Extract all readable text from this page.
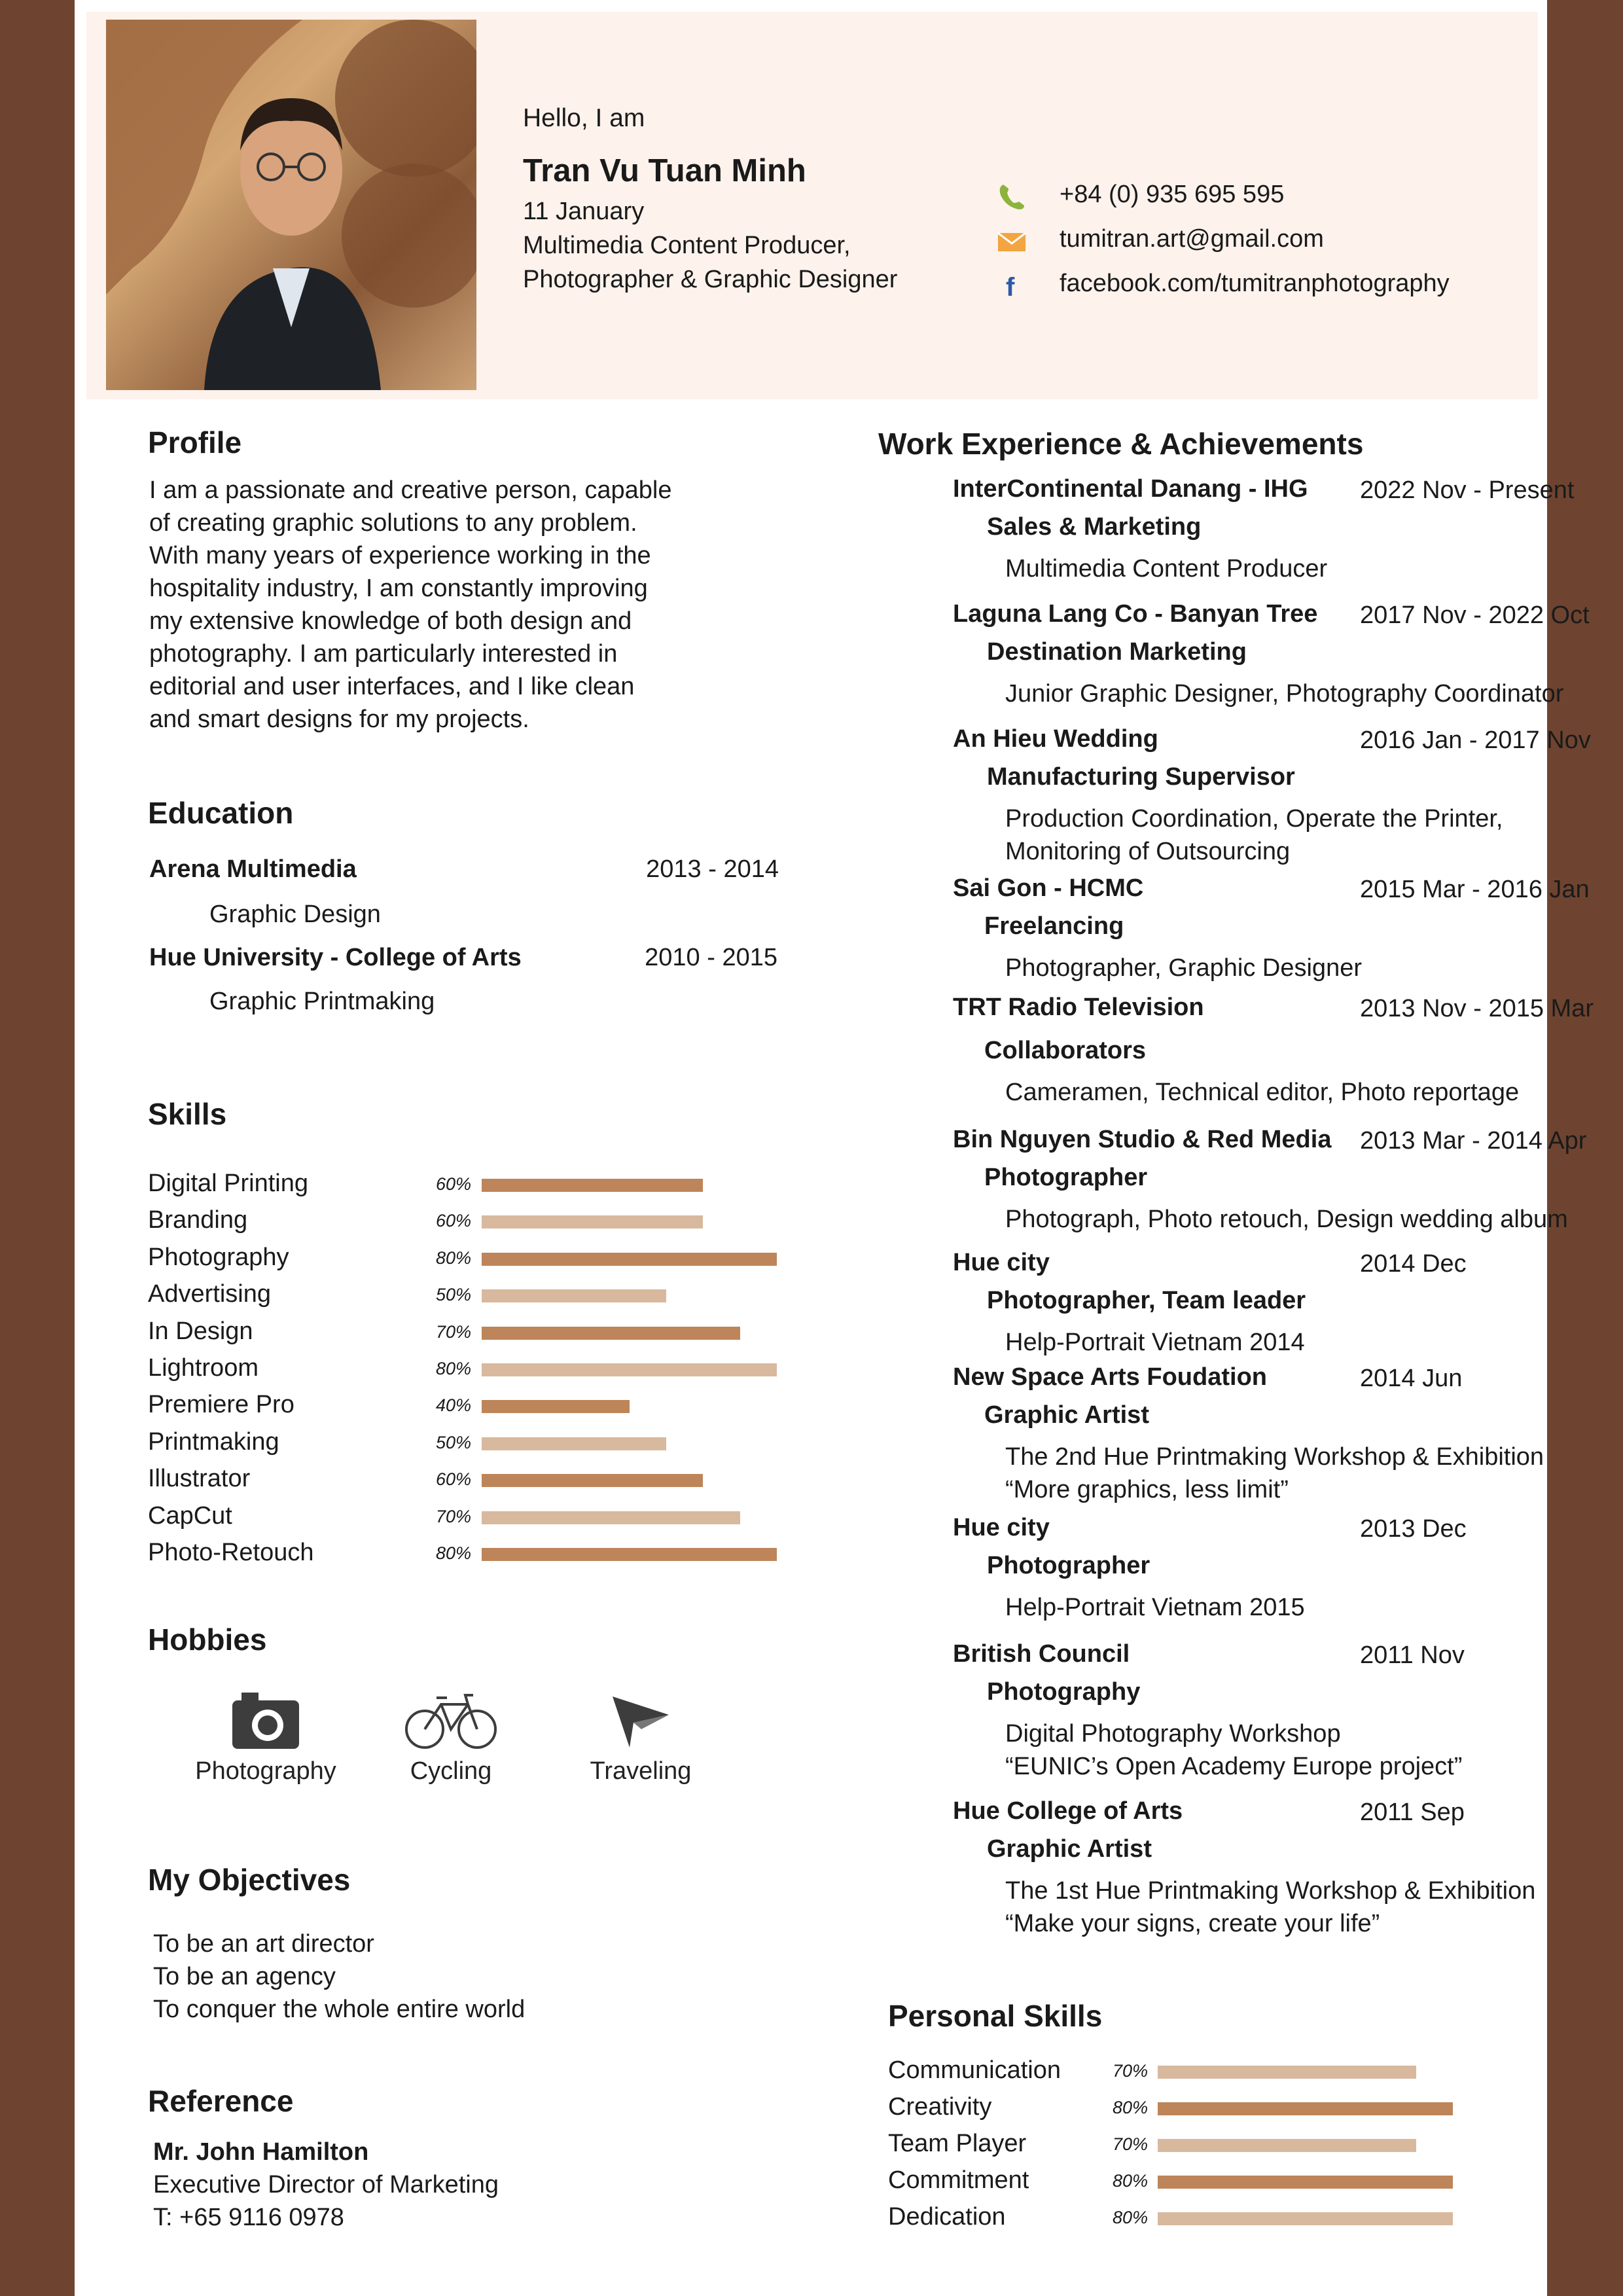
Hello, I am
Tran Vu Tuan Minh
11 January
Multimedia Content Producer,
Photographer & Graphic Designer
+84 (0) 935 695 595
tumitran.art@gmail.com
f facebook.com/tumitranphotography
Profile
I am a passionate and creative person, capable
of creating graphic solutions to any problem.
With many years of experience working in the
hospitality industry, I am constantly improving
my extensive knowledge of both design and
photography. I am particularly interested in
editorial and user interfaces, and I like clean
and smart designs for my projects.
Education
Arena Multimedia	2013 - 2014
Graphic Design
Hue University - College of Arts	2010 - 2015
Graphic Printmaking
Skills
Digital Printing	60%
Branding	60%
Photography	80%
Advertising	50%
In Design	70%
Lightroom	80%
Premiere Pro	40%
Printmaking	50%
Illustrator	60%
CapCut	70%
Photo-Retouch	80%
Hobbies
Photography	Cycling	Traveling
My Objectives
To be an art director
To be an agency
To conquer the whole entire world
Reference
Mr. John Hamilton
Executive Director of Marketing
T: +65 9116 0978
Work Experience & Achievements
InterContinental Danang - IHG 2022 Nov - Present
Sales & Marketing
Multimedia Content Producer
Laguna Lang Co - Banyan Tree 2017 Nov - 2022 Oct
Destination Marketing
Junior Graphic Designer, Photography Coordinator
An Hieu Wedding	2016 Jan - 2017 Nov
Manufacturing Supervisor
Production Coordination, Operate the Printer,
Monitoring of Outsourcing
Sai Gon - HCMC	2015 Mar - 2016 Jan
Freelancing
Photographer, Graphic Designer
TRT Radio Television	2013 Nov - 2015 Mar
Collaborators
Cameramen, Technical editor, Photo reportage
Bin Nguyen Studio & Red Media 2013 Mar - 2014 Apr
Photographer
Photograph, Photo retouch, Design wedding album
Hue city	2014 Dec
Photographer, Team leader
Help-Portrait Vietnam 2014
New Space Arts Foudation	2014 Jun
Graphic Artist
The 2nd Hue Printmaking Workshop & Exhibition
“More graphics, less limit”
Hue city	2013 Dec
Photographer
Help-Portrait Vietnam 2015
British Council	2011 Nov
Photography
Digital Photography Workshop
“EUNIC’s Open Academy Europe project”
Hue College of Arts	2011 Sep
Graphic Artist
The 1st Hue Printmaking Workshop & Exhibition
“Make your signs, create your life”
Personal Skills
Communication	70%
Creativity	80%
Team Player	70%
Commitment	80%
Dedication	80%
